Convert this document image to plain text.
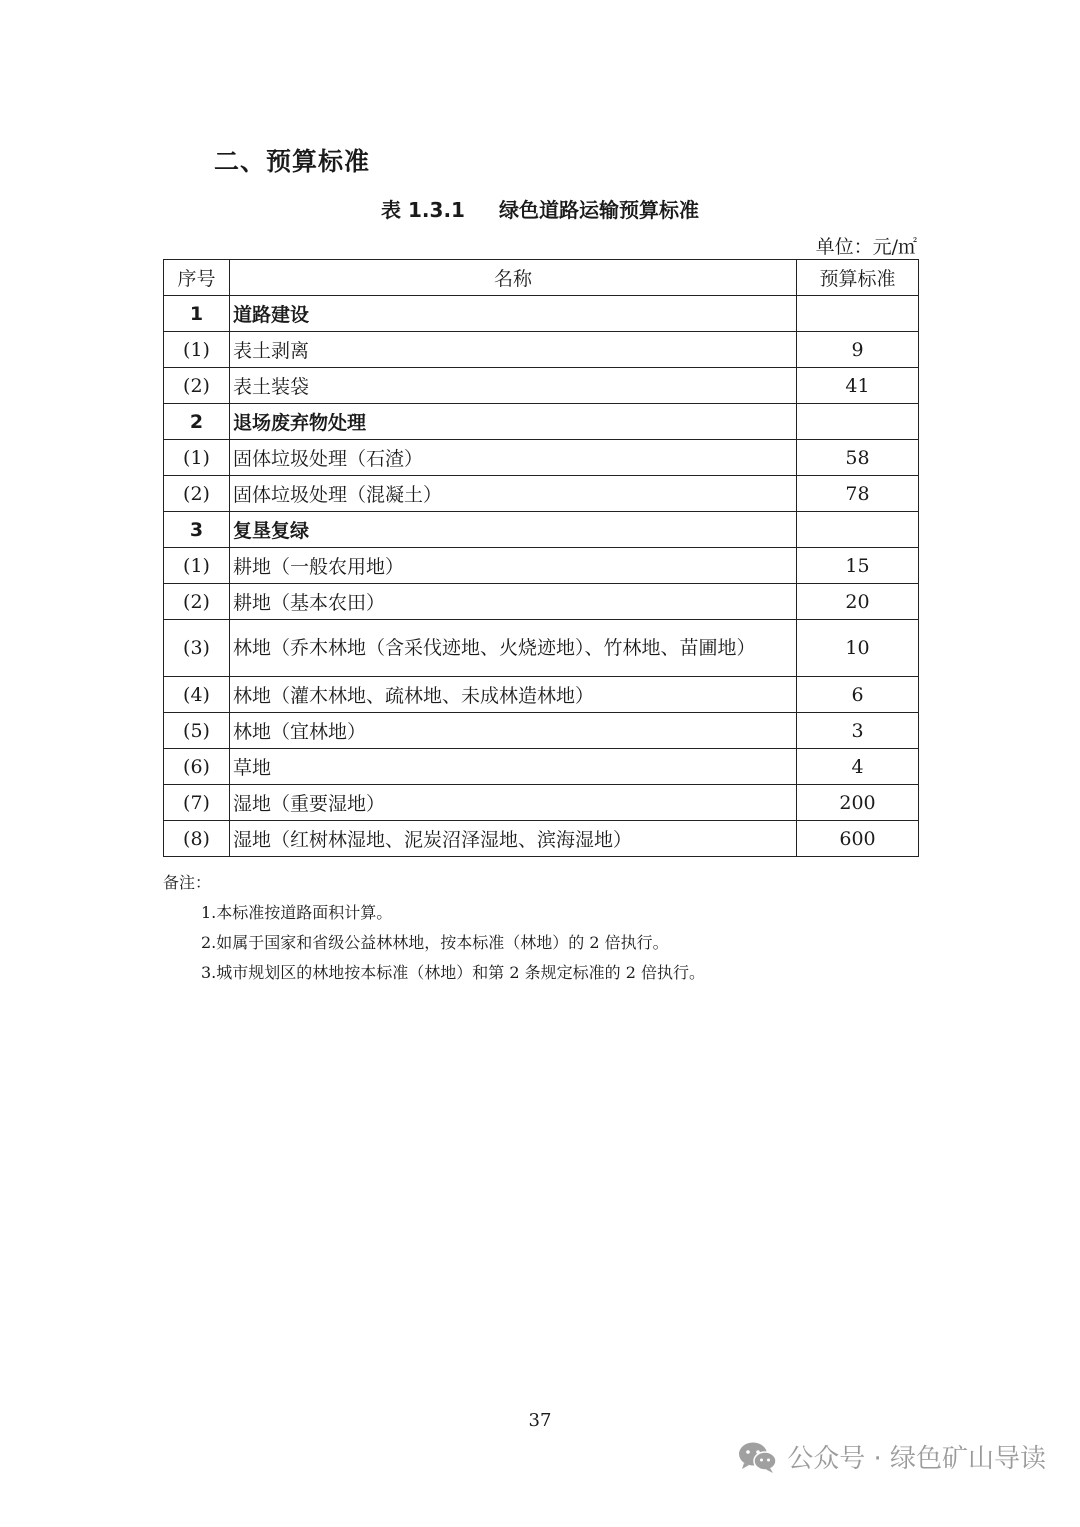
二、预算标准
表 1.3.1 绿色道路运输预算标准
单位：元/㎡
序号	名称	预算标准
1	道路建设	
(1)	表土剥离	9
(2)	表土装袋	41
2	退场废弃物处理	
(1)	固体垃圾处理（石渣）	58
(2)	固体垃圾处理（混凝土）	78
3	复垦复绿	
(1)	耕地（一般农用地）	15
(2)	耕地（基本农田）	20
(3)	林地（乔木林地（含采伐迹地、火烧迹地）、竹林地、苗圃地）	10
(4)	林地（灌木林地、疏林地、未成林造林地）	6
(5)	林地（宜林地）	3
(6)	草地	4
(7)	湿地（重要湿地）	200
(8)	湿地（红树林湿地、泥炭沼泽湿地、滨海湿地）	600
备注：
1.本标准按道路面积计算。
2.如属于国家和省级公益林林地，按本标准（林地）的 2 倍执行。
3.城市规划区的林地按本标准（林地）和第 2 条规定标准的 2 倍执行。
37
公众号 · 绿色矿山导读
